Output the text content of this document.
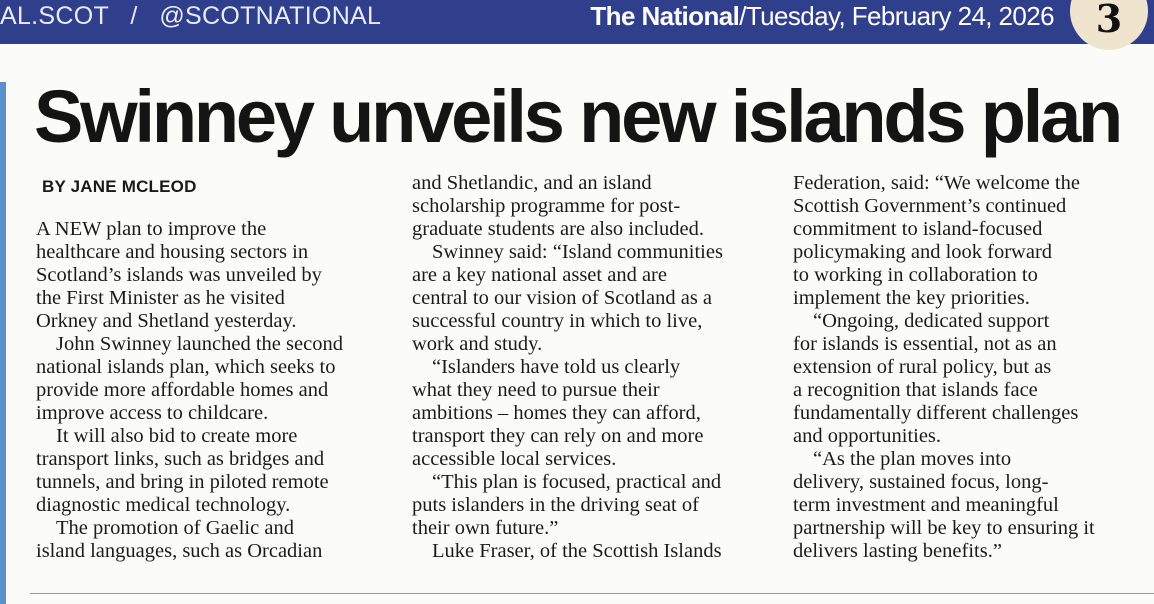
AL.SCOT   /   @SCOTNATIONAL	The National/Tuesday, February 24, 2026	3
Swinney unveils new islands plan
BY JANE MCLEOD
A NEW plan to improve the
healthcare and housing sectors in
Scotland’s islands was unveiled by
the First Minister as he visited
Orkney and Shetland yesterday.
John Swinney launched the second
national islands plan, which seeks to
provide more affordable homes and
improve access to childcare.
It will also bid to create more
transport links, such as bridges and
tunnels, and bring in piloted remote
diagnostic medical technology.
The promotion of Gaelic and
island languages, such as Orcadian
and Shetlandic, and an island
scholarship programme for post-
graduate students are also included.
Swinney said: “Island communities
are a key national asset and are
central to our vision of Scotland as a
successful country in which to live,
work and study.
“Islanders have told us clearly
what they need to pursue their
ambitions – homes they can afford,
transport they can rely on and more
accessible local services.
“This plan is focused, practical and
puts islanders in the driving seat of
their own future.”
Luke Fraser, of the Scottish Islands
Federation, said: “We welcome the
Scottish Government’s continued
commitment to island-focused
policymaking and look forward
to working in collaboration to
implement the key priorities.
“Ongoing, dedicated support
for islands is essential, not as an
extension of rural policy, but as
a recognition that islands face
fundamentally different challenges
and opportunities.
“As the plan moves into
delivery, sustained focus, long-
term investment and meaningful
partnership will be key to ensuring it
delivers lasting benefits.”
